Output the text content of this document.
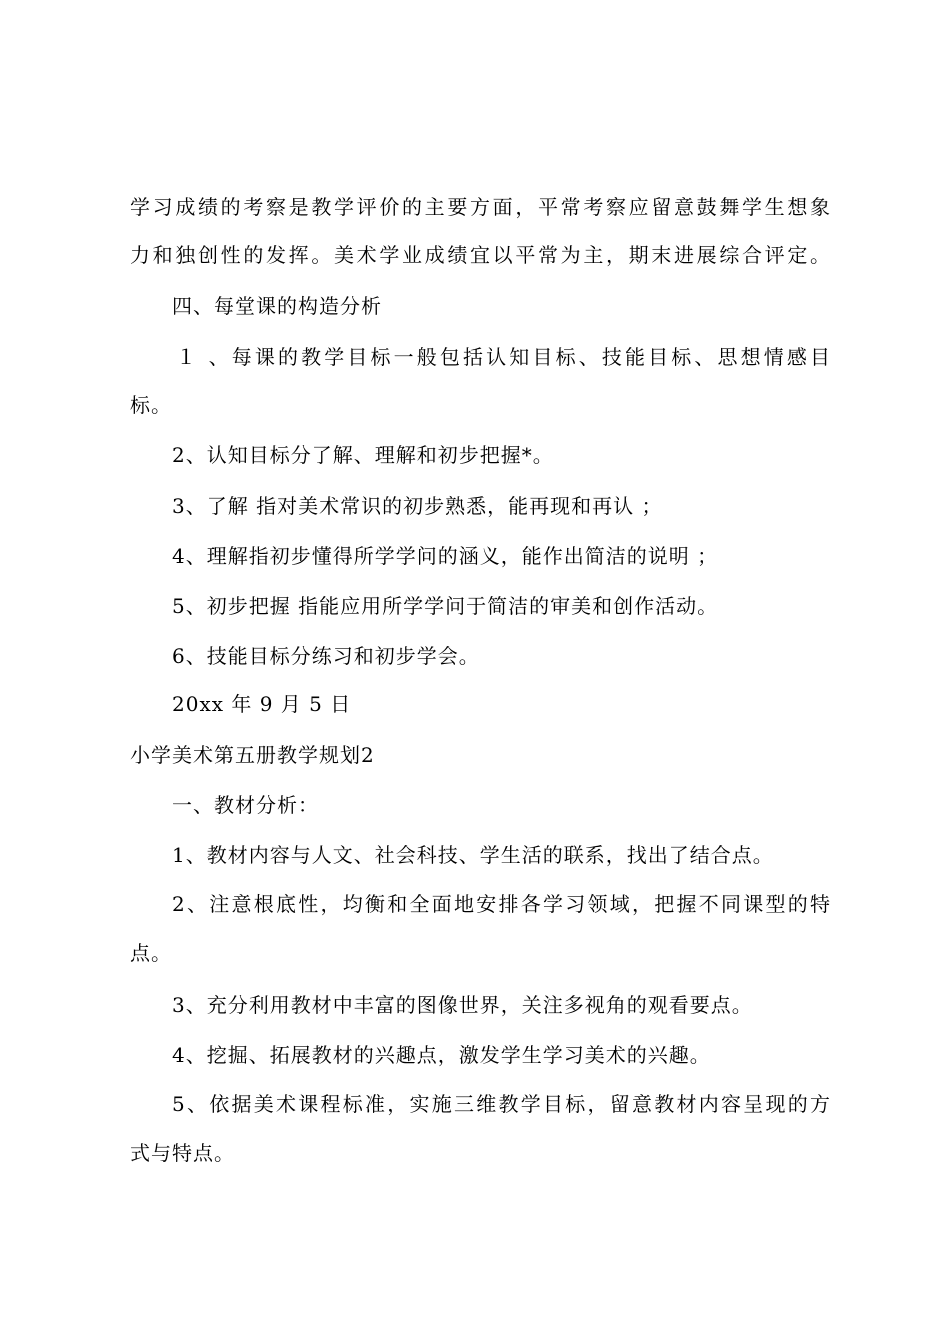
学习成绩的考察是教学评价的主要方面，平常考察应留意鼓舞学生想象
力和独创性的发挥。美术学业成绩宜以平常为主，期末进展综合评定。
四、每堂课的构造分析
１ 、每课的教学目标一般包括认知目标、技能目标、思想情感目
标。
2、认知目标分了解、理解和初步把握*。
3、了解 指对美术常识的初步熟悉，能再现和再认 ；
4、理解指初步懂得所学学问的涵义，能作出简洁的说明 ；
5、初步把握 指能应用所学学问于简洁的审美和创作活动。
6、技能目标分练习和初步学会。
20xx 年 9 月 5 日
小学美术第五册教学规划2
一、教材分析：
1、教材内容与人文、社会科技、学生活的联系，找出了结合点。
2、注意根底性，均衡和全面地安排各学习领域，把握不同课型的特
点。
3、充分利用教材中丰富的图像世界，关注多视角的观看要点。
4、挖掘、拓展教材的兴趣点，激发学生学习美术的兴趣。
5、依据美术课程标准，实施三维教学目标，留意教材内容呈现的方
式与特点。
